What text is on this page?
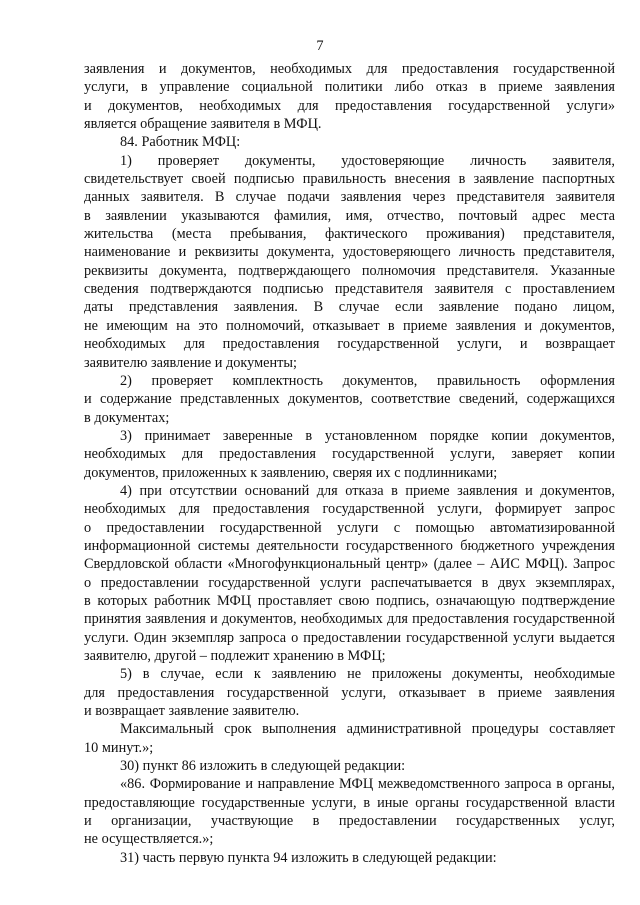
7
заявления и документов, необходимых для предоставления государственной
услуги, в управление социальной политики либо отказ в приеме заявления
и документов, необходимых для предоставления государственной услуги»
является обращение заявителя в МФЦ.
84. Работник МФЦ:
1) проверяет документы, удостоверяющие личность заявителя,
свидетельствует своей подписью правильность внесения в заявление паспортных
данных заявителя. В случае подачи заявления через представителя заявителя
в заявлении указываются фамилия, имя, отчество, почтовый адрес места
жительства (места пребывания, фактического проживания) представителя,
наименование и реквизиты документа, удостоверяющего личность представителя,
реквизиты документа, подтверждающего полномочия представителя. Указанные
сведения подтверждаются подписью представителя заявителя с проставлением
даты представления заявления. В случае если заявление подано лицом,
не имеющим на это полномочий, отказывает в приеме заявления и документов,
необходимых для предоставления государственной услуги, и возвращает
заявителю заявление и документы;
2) проверяет комплектность документов, правильность оформления
и содержание представленных документов, соответствие сведений, содержащихся
в документах;
3) принимает заверенные в установленном порядке копии документов,
необходимых для предоставления государственной услуги, заверяет копии
документов, приложенных к заявлению, сверяя их с подлинниками;
4) при отсутствии оснований для отказа в приеме заявления и документов,
необходимых для предоставления государственной услуги, формирует запрос
о предоставлении государственной услуги с помощью автоматизированной
информационной системы деятельности государственного бюджетного учреждения
Свердловской области «Многофункциональный центр» (далее – АИС МФЦ). Запрос
о предоставлении государственной услуги распечатывается в двух экземплярах,
в которых работник МФЦ проставляет свою подпись, означающую подтверждение
принятия заявления и документов, необходимых для предоставления государственной
услуги. Один экземпляр запроса о предоставлении государственной услуги выдается
заявителю, другой – подлежит хранению в МФЦ;
5) в случае, если к заявлению не приложены документы, необходимые
для предоставления государственной услуги, отказывает в приеме заявления
и возвращает заявление заявителю.
Максимальный срок выполнения административной процедуры составляет
10 минут.»;
30) пункт 86 изложить в следующей редакции:
«86. Формирование и направление МФЦ межведомственного запроса в органы,
предоставляющие государственные услуги, в иные органы государственной власти
и организации, участвующие в предоставлении государственных услуг,
не осуществляется.»;
31) часть первую пункта 94 изложить в следующей редакции:
